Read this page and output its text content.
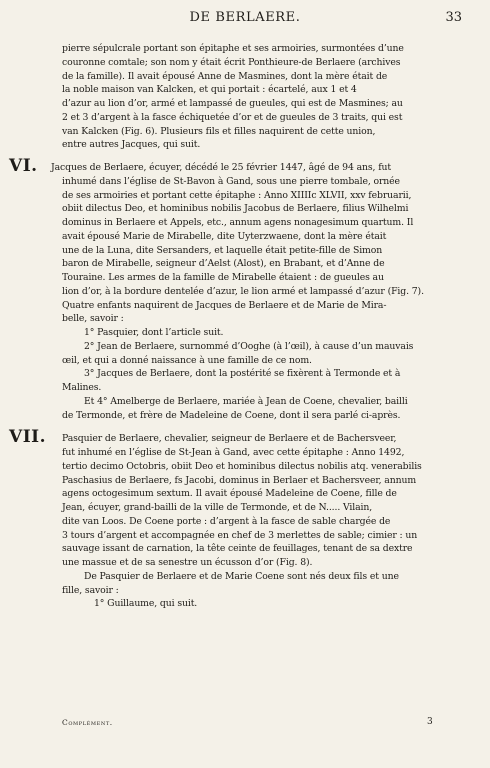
DE BERLAERE.	33
pierre sépulcrale portant son épitaphe et ses armoiries, surmontées d’une
couronne comtale; son nom y était écrit Ponthieure-de Berlaere (archives
de la famille). Il avait épousé Anne de Masmines, dont la mère était de
la noble maison van Kalcken, et qui portait : écartelé, aux 1 et 4
d’azur au lion d’or, armé et lampassé de gueules, qui est de Masmines; au
2 et 3 d’argent à la fasce échiquetée d’or et de gueules de 3 traits, qui est
van Kalcken (Fig. 6). Plusieurs fils et filles naquirent de cette union,
entre autres Jacques, qui suit.
VI. Jacques de Berlaere, écuyer, décédé le 25 février 1447, âgé de 94 ans, fut
inhumé dans l’église de St-Bavon à Gand, sous une pierre tombale, ornée
de ses armoiries et portant cette épitaphe : Anno XIIIIc XLVII, xxv februarii,
obiit dilectus Deo, et hominibus nobilis Jacobus de Berlaere, filius Wilhelmi
dominus in Berlaere et Appels, etc., annum agens nonagesimum quartum. Il
avait épousé Marie de Mirabelle, dite Uyterzwaene, dont la mère était
une de la Luna, dite Sersanders, et laquelle était petite-fille de Simon
baron de Mirabelle, seigneur d’Aelst (Alost), en Brabant, et d’Anne de
Touraine. Les armes de la famille de Mirabelle étaient : de gueules au
lion d’or, à la bordure dentelée d’azur, le lion armé et lampassé d’azur (Fig. 7).
Quatre enfants naquirent de Jacques de Berlaere et de Marie de Mira-
belle, savoir :
1° Pasquier, dont l’article suit.
2° Jean de Berlaere, surnommé d’Ooghe (à l’œil), à cause d’un mauvais
œil, et qui a donné naissance à une famille de ce nom.
3° Jacques de Berlaere, dont la postérité se fixèrent à Termonde et à
Malines.
Et 4° Amelberge de Berlaere, mariée à Jean de Coene, chevalier, bailli
de Termonde, et frère de Madeleine de Coene, dont il sera parlé ci-après.
VII. Pasquier de Berlaere, chevalier, seigneur de Berlaere et de Bachersveer,
fut inhumé en l’église de St-Jean à Gand, avec cette épitaphe : Anno 1492,
tertio decimo Octobris, obiit Deo et hominibus dilectus nobilis atq. venerabilis
Paschasius de Berlaere, fs Jacobi, dominus in Berlaer et Bachersveer, annum
agens octogesimum sextum. Il avait épousé Madeleine de Coene, fille de
Jean, écuyer, grand-bailli de la ville de Termonde, et de N..... Vilain,
dite van Loos. De Coene porte : d’argent à la fasce de sable chargée de
3 tours d’argent et accompagnée en chef de 3 merlettes de sable; cimier : un
sauvage issant de carnation, la tête ceinte de feuillages, tenant de sa dextre
une massue et de sa senestre un écusson d’or (Fig. 8).
De Pasquier de Berlaere et de Marie Coene sont nés deux fils et une
fille, savoir :
1° Guillaume, qui suit.
Complément.	3
